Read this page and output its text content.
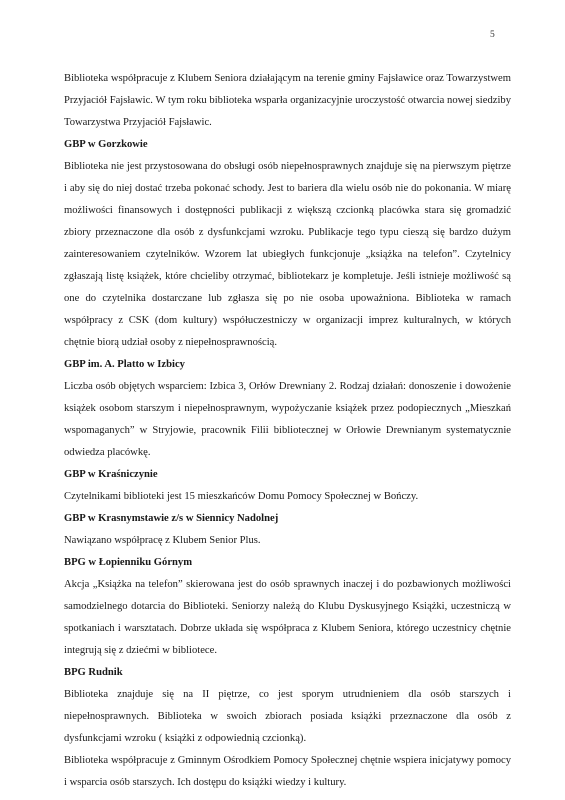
5

Biblioteka współpracuje z Klubem Seniora działającym na terenie gminy Fajsławice oraz Towarzystwem Przyjaciół Fajsławic. W tym roku biblioteka wsparła organizacyjnie uroczystość otwarcia nowej siedziby Towarzystwa Przyjaciół Fajsławic.

GBP w Gorzkowie

Biblioteka nie jest przystosowana do obsługi osób niepełnosprawnych znajduje się na pierwszym piętrze i aby się do niej dostać trzeba pokonać schody. Jest to bariera dla wielu osób nie do pokonania. W miarę możliwości finansowych i dostępności publikacji z większą czcionką placówka stara się gromadzić zbiory przeznaczone dla osób z dysfunkcjami wzroku. Publikacje tego typu cieszą się bardzo dużym zainteresowaniem czytelników. Wzorem lat ubiegłych funkcjonuje „książka na telefon”. Czytelnicy zgłaszają listę książek, które chcieliby otrzymać, bibliotekarz je kompletuje. Jeśli istnieje możliwość są one do czytelnika dostarczane lub zgłasza się po nie osoba upoważniona. Biblioteka w ramach współpracy z CSK (dom kultury) współuczestniczy w organizacji imprez kulturalnych, w których chętnie biorą udział osoby z niepełnosprawnością.

GBP im. A. Platto w Izbicy

Liczba osób objętych wsparciem: Izbica 3, Orłów Drewniany 2. Rodzaj działań: donoszenie i dowożenie książek osobom starszym i niepełnosprawnym, wypożyczanie książek przez podopiecznych „Mieszkań wspomaganych” w Stryjowie, pracownik Filii bibliotecznej w Orłowie Drewnianym systematycznie odwiedza placówkę.

GBP w Kraśniczynie

Czytelnikami biblioteki jest 15 mieszkańców Domu Pomocy Społecznej w Bończy.

GBP w Krasnymstawie z/s w Siennicy Nadolnej

Nawiązano współpracę z Klubem Senior Plus.

BPG w Łopienniku Górnym

Akcja „Książka na telefon” skierowana jest do osób sprawnych inaczej i do pozbawionych możliwości samodzielnego dotarcia do Biblioteki. Seniorzy należą do Klubu Dyskusyjnego Książki, uczestniczą w spotkaniach i warsztatach. Dobrze układa się współpraca z Klubem Seniora, którego uczestnicy chętnie integrują się z dziećmi w bibliotece.

BPG Rudnik

Biblioteka znajduje się na II piętrze, co jest sporym utrudnieniem dla osób starszych i niepełnosprawnych. Biblioteka w swoich zbiorach posiada książki przeznaczone dla osób z dysfunkcjami wzroku ( książki z odpowiednią czcionką).

Biblioteka współpracuje z Gminnym Ośrodkiem Pomocy Społecznej chętnie wspiera inicjatywy pomocy i wsparcia osób starszych. Ich dostępu do książki wiedzy i kultury.
